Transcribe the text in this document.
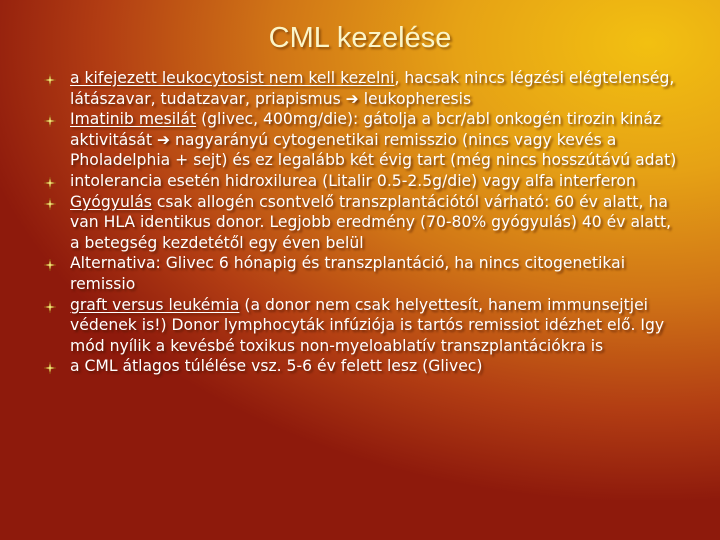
CML kezelése
a kifejezett leukocytosist nem kell kezelni, hacsak nincs légzési elégtelenség, látászavar, tudatzavar, priapismus ➔ leukopheresis
Imatinib mesilát (glivec, 400mg/die): gátolja a bcr/abl onkogén tirozin kináz aktivitását ➔ nagyarányú cytogenetikai remisszio (nincs vagy kevés a Pholadelphia + sejt) és ez legalább két évig tart (még nincs hosszútávú adat)
intolerancia esetén hidroxilurea (Litalir 0.5-2.5g/die) vagy alfa interferon
Gyógyulás csak allogén csontvelő transzplantációtól várható: 60 év alatt, ha van HLA identikus donor. Legjobb eredmény (70-80% gyógyulás) 40 év alatt, a betegség kezdetétől egy éven belül
Alternativa: Glivec 6 hónapig és transzplantáció, ha nincs citogenetikai remissio
graft versus leukémia (a donor nem csak helyettesít, hanem immunsejtjei védenek is!) Donor lymphocyták infúziója is tartós remissiot idézhet elő. Igy mód nyílik a kevésbé toxikus non-myeloablatív transzplantációkra is
a CML átlagos túlélése vsz. 5-6 év felett lesz (Glivec)
